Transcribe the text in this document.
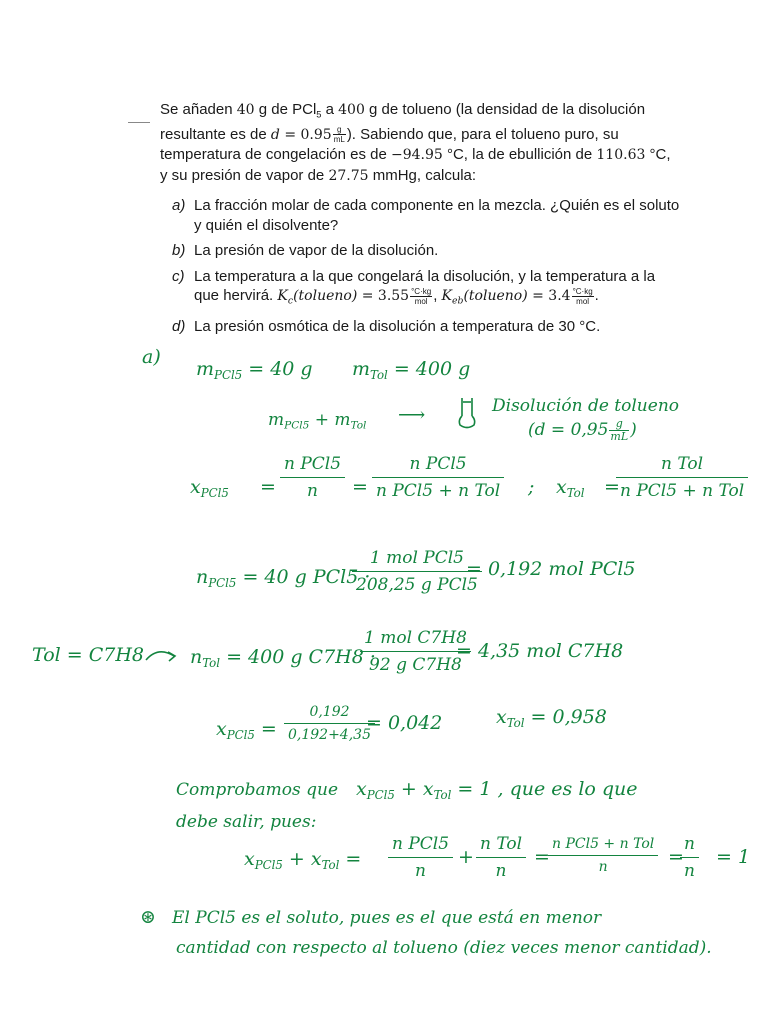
Se añaden 40 g de PCl$_5$ a 400 g de tolueno (la densidad de la disolución resultante es de $d = 0.95 \frac{g}{mL}$ ). Sabiendo que, para el tolueno puro, su temperatura de congelación es de −94.95 °C, la de ebullición de 110.63 °C, y su presión de vapor de 27.75 mmHg, calcula:

a) La fracción molar de cada componente en la mezcla. ¿Quién es el soluto y quién el disolvente?
b) La presión de vapor de la disolución.
c) La temperatura a la que congelará la disolución, y la temperatura a la que hervirá. $K_c(tolueno) = 3.55 \frac{^\circ C\cdot kg}{\text{mol}}$ , $K_{eb}(tolueno) = 3.4 \frac{^\circ C\cdot kg}{\text{mol}}$ .
d) La presión osmótica de la disolución a temperatura de 30 °C.
a)
$m_{PCl5} = 40$ g $m_{Tol} = 400$ g
$m_{PCl5} + m_{Tol}$ ⟶	Disolución de tolueno
($d = 0,95 \frac{g}{mL}$ )
$x_{PCl5}$ =
n PCl5
n	=
n PCl5
n PCl5 + n Tol ; $x_{Tol}$ =
n Tol
n PCl5 + n Tol
$n_{PCl5} = 40$ g PCl5 ·
1 mol PCl5
208,25 g PCl5
= 0,192 mol PCl5
Tol = C7H8 $n_{Tol} = 400$ g C7H8 ·
1 mol C7H8
92 g C7H8
= 4,35 mol C7H8
$x_{PCl5} = \frac{0,192}{0,192+4,35}$
= 0,042	$x_{Tol} = 0,958$
Comprobamos que $x_{PCl5} + x_{Tol} = 1$ , que es lo que
debe salir, pues:
$x_{PCl5} + x_{Tol}$ =
n PCl5
n
+
n Tol
n
=
n PCl5 + n Tol
n	=
$\frac{n}{n} = 1$
⊛ El PCl5 es el soluto, pues es el que está en menor
cantidad con respecto al tolueno (diez veces menor cantidad).
